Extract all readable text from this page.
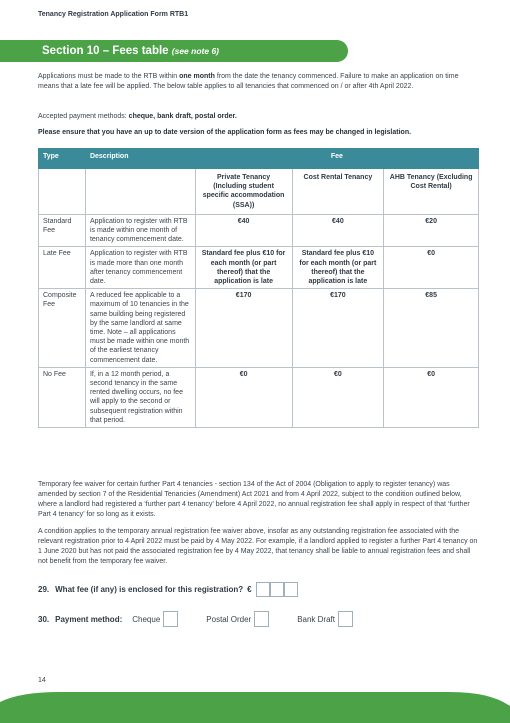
Tenancy Registration Application Form RTB1
Section 10 – Fees table (see note 6)

Applications must be made to the RTB within one month from the date the tenancy commenced. Failure to make an application on time means that a late fee will be applied. The below table applies to all tenancies that commenced on / or after 4th April 2022.

Accepted payment methods: cheque, bank draft, postal order.

Please ensure that you have an up to date version of the application form as fees may be changed in legislation.

Type	Description	Fee		
		Private Tenancy (Including student specific accommodation (SSA))	Cost Rental Tenancy	AHB Tenancy (Excluding Cost Rental)
Standard Fee	Application to register with RTB is made within one month of tenancy commencement date.	€40	€40	€20
Late Fee	Application to register with RTB is made more than one month after tenancy commencement date.	Standard fee plus €10 for each month (or part thereof) that the application is late	Standard fee plus €10 for each month (or part thereof) that the application is late	€0
Composite Fee	A reduced fee applicable to a maximum of 10 tenancies in the same building being registered by the same landlord at same time. Note – all applications must be made within one month of the earliest tenancy commencement date.	€170	€170	€85
No Fee	If, in a 12 month period, a second tenancy in the same rented dwelling occurs, no fee will apply to the second or subsequent registration within that period.	€0	€0	€0

Temporary fee waiver for certain further Part 4 tenancies - section 134 of the Act of 2004 (Obligation to apply to register tenancy) was amended by section 7 of the Residential Tenancies (Amendment) Act 2021 and from 4 April 2022, subject to the condition outlined below, where a landlord had registered a ‘further part 4 tenancy’ before 4 April 2022, no annual registration fee shall apply in respect of that ‘further Part 4 tenancy’ for so long as it exists.

A condition applies to the temporary annual registration fee waiver above, insofar as any outstanding registration fee associated with the relevant registration prior to 4 April 2022 must be paid by 4 May 2022. For example, if a landlord applied to register a further Part 4 tenancy on 1 June 2020 but has not paid the associated registration fee by 4 May 2022, that tenancy shall be liable to annual registration fees and shall not benefit from the temporary fee waiver.

29. What fee (if any) is enclosed for this registration? €
30. Payment method: Cheque	Postal Order	Bank Draft
14
